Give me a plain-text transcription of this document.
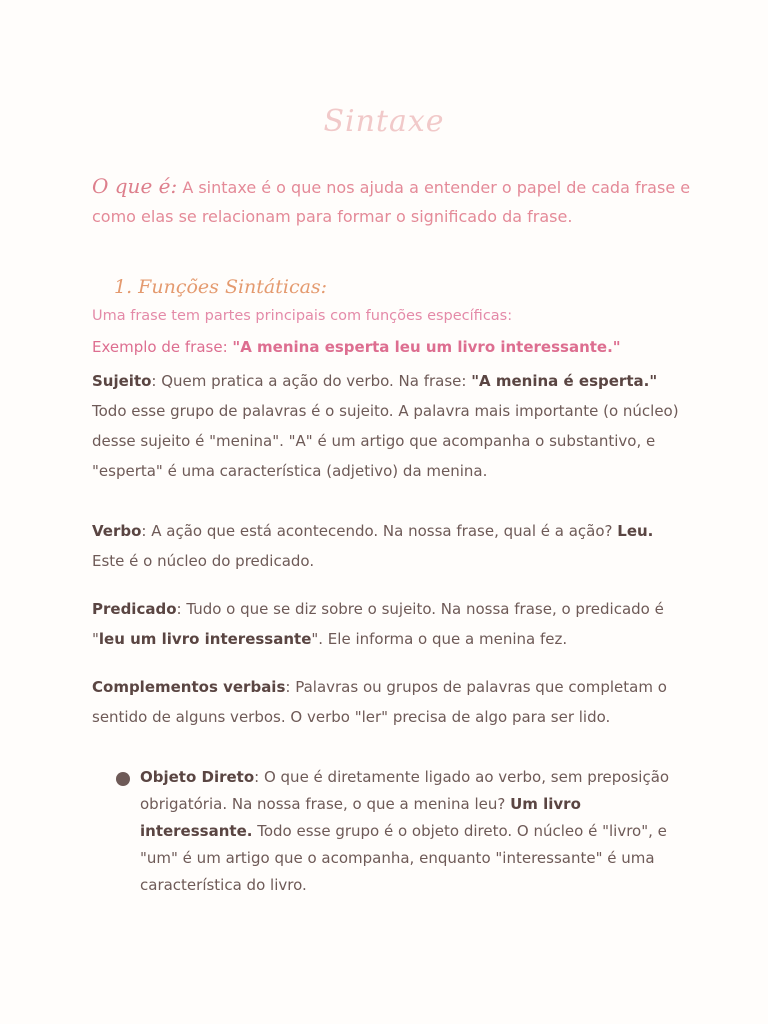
Sintaxe
O que é: A sintaxe é o que nos ajuda a entender o papel de cada frase e como elas se relacionam para formar o significado da frase.
1. Funções Sintáticas:
Uma frase tem partes principais com funções específicas:
Exemplo de frase: "A menina esperta leu um livro interessante."
Sujeito: Quem pratica a ação do verbo. Na frase: "A menina é esperta." Todo esse grupo de palavras é o sujeito. A palavra mais importante (o núcleo) desse sujeito é "menina". "A" é um artigo que acompanha o substantivo, e "esperta" é uma característica (adjetivo) da menina.
Verbo: A ação que está acontecendo. Na nossa frase, qual é a ação? Leu. Este é o núcleo do predicado.
Predicado: Tudo o que se diz sobre o sujeito. Na nossa frase, o predicado é "leu um livro interessante". Ele informa o que a menina fez.
Complementos verbais: Palavras ou grupos de palavras que completam o sentido de alguns verbos. O verbo "ler" precisa de algo para ser lido.
Objeto Direto: O que é diretamente ligado ao verbo, sem preposição obrigatória. Na nossa frase, o que a menina leu? Um livro interessante. Todo esse grupo é o objeto direto. O núcleo é "livro", e "um" é um artigo que o acompanha, enquanto "interessante" é uma característica do livro.
